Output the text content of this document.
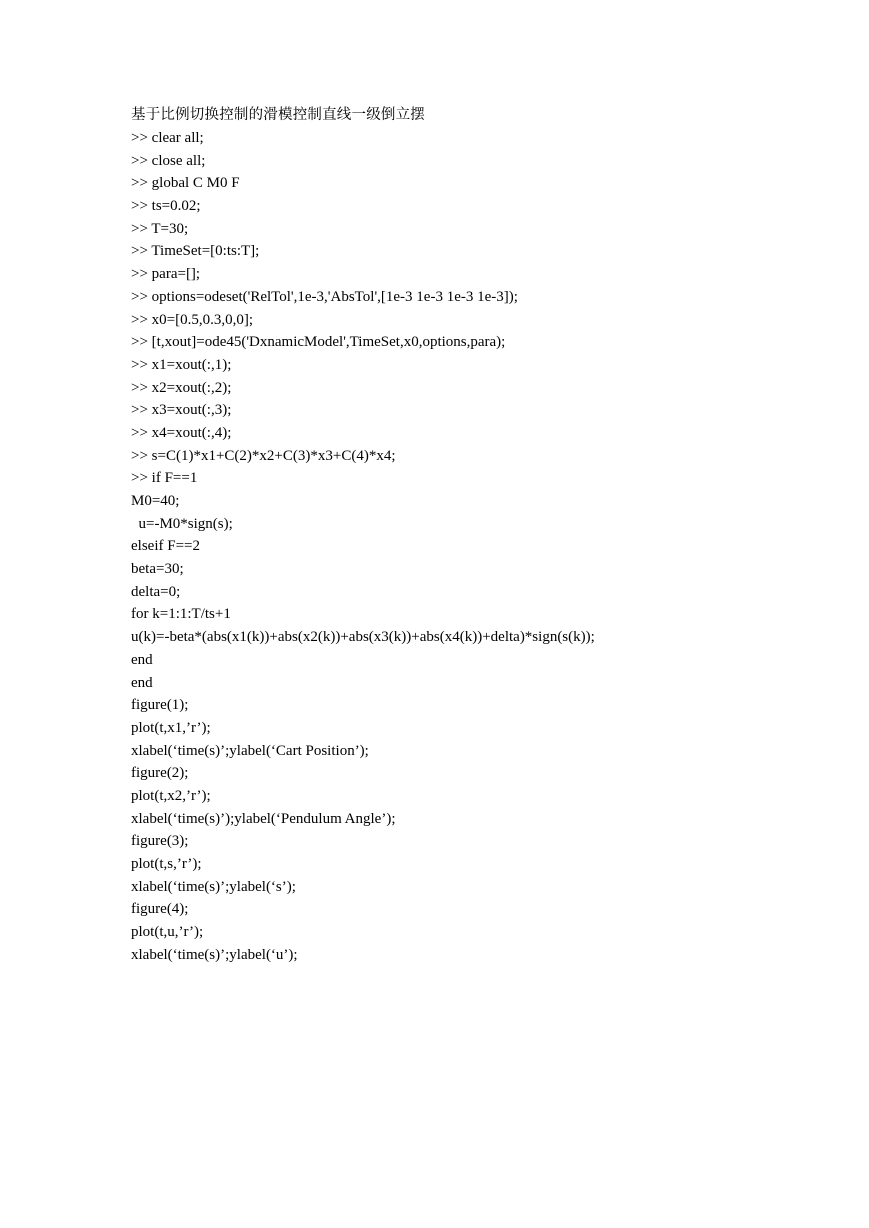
基于比例切换控制的滑模控制直线一级倒立摆
>> clear all;
>> close all;
>> global C M0 F
>> ts=0.02;
>> T=30;
>> TimeSet=[0:ts:T];
>> para=[];
>> options=odeset('RelTol',1e-3,'AbsTol',[1e-3 1e-3 1e-3 1e-3]);
>> x0=[0.5,0.3,0,0];
>> [t,xout]=ode45('DxnamicModel',TimeSet,x0,options,para);
>> x1=xout(:,1);
>> x2=xout(:,2);
>> x3=xout(:,3);
>> x4=xout(:,4);
>> s=C(1)*x1+C(2)*x2+C(3)*x3+C(4)*x4;
>> if F==1
M0=40;
u=-M0*sign(s);
elseif F==2
beta=30;
delta=0;
for k=1:1:T/ts+1
u(k)=-beta*(abs(x1(k))+abs(x2(k))+abs(x3(k))+abs(x4(k))+delta)*sign(s(k));
end
end
figure(1);
plot(t,x1,’r’);
xlabel(‘time(s)’;ylabel(‘Cart Position’);
figure(2);
plot(t,x2,’r’);
xlabel(‘time(s)’);ylabel(‘Pendulum Angle’);
figure(3);
plot(t,s,’r’);
xlabel(‘time(s)’;ylabel(‘s’);
figure(4);
plot(t,u,’r’);
xlabel(‘time(s)’;ylabel(‘u’);
